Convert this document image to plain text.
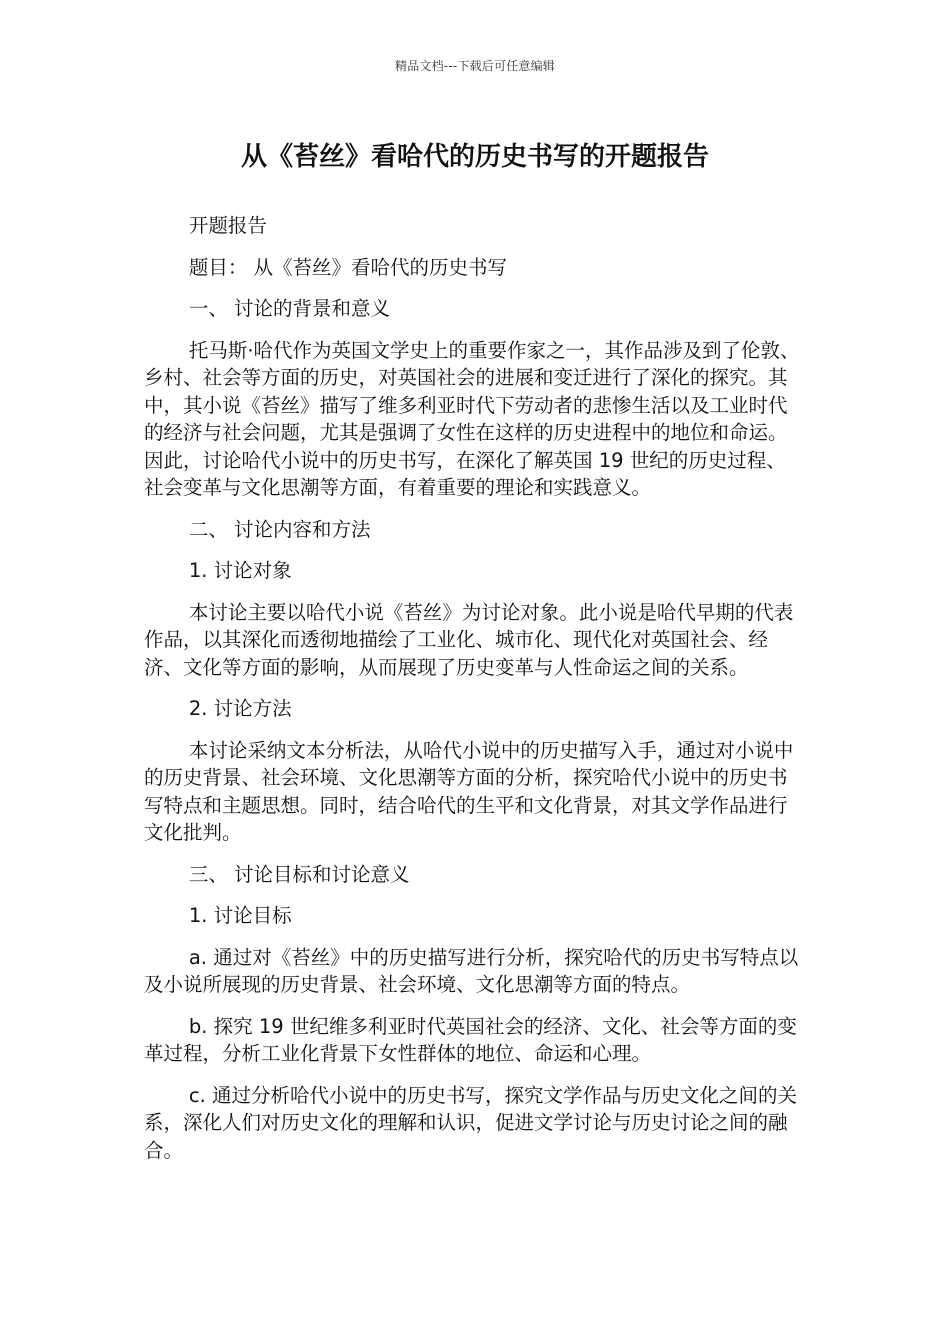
精品文档---下载后可任意编辑
从《苔丝》看哈代的历史书写的开题报告

开题报告

题目： 从《苔丝》看哈代的历史书写

一、 讨论的背景和意义

托马斯·哈代作为英国文学史上的重要作家之一，其作品涉及到了伦敦、乡村、社会等方面的历史，对英国社会的进展和变迁进行了深化的探究。其中，其小说《苔丝》描写了维多利亚时代下劳动者的悲惨生活以及工业时代的经济与社会问题，尤其是强调了女性在这样的历史进程中的地位和命运。因此，讨论哈代小说中的历史书写，在深化了解英国 19 世纪的历史过程、社会变革与文化思潮等方面，有着重要的理论和实践意义。

二、 讨论内容和方法

1. 讨论对象

本讨论主要以哈代小说《苔丝》为讨论对象。此小说是哈代早期的代表作品，以其深化而透彻地描绘了工业化、城市化、现代化对英国社会、经济、文化等方面的影响，从而展现了历史变革与人性命运之间的关系。

2. 讨论方法

本讨论采纳文本分析法，从哈代小说中的历史描写入手，通过对小说中的历史背景、社会环境、文化思潮等方面的分析，探究哈代小说中的历史书写特点和主题思想。同时，结合哈代的生平和文化背景，对其文学作品进行文化批判。

三、 讨论目标和讨论意义

1. 讨论目标

a. 通过对《苔丝》中的历史描写进行分析，探究哈代的历史书写特点以及小说所展现的历史背景、社会环境、文化思潮等方面的特点。

b. 探究 19 世纪维多利亚时代英国社会的经济、文化、社会等方面的变革过程，分析工业化背景下女性群体的地位、命运和心理。

c. 通过分析哈代小说中的历史书写，探究文学作品与历史文化之间的关系，深化人们对历史文化的理解和认识，促进文学讨论与历史讨论之间的融合。
